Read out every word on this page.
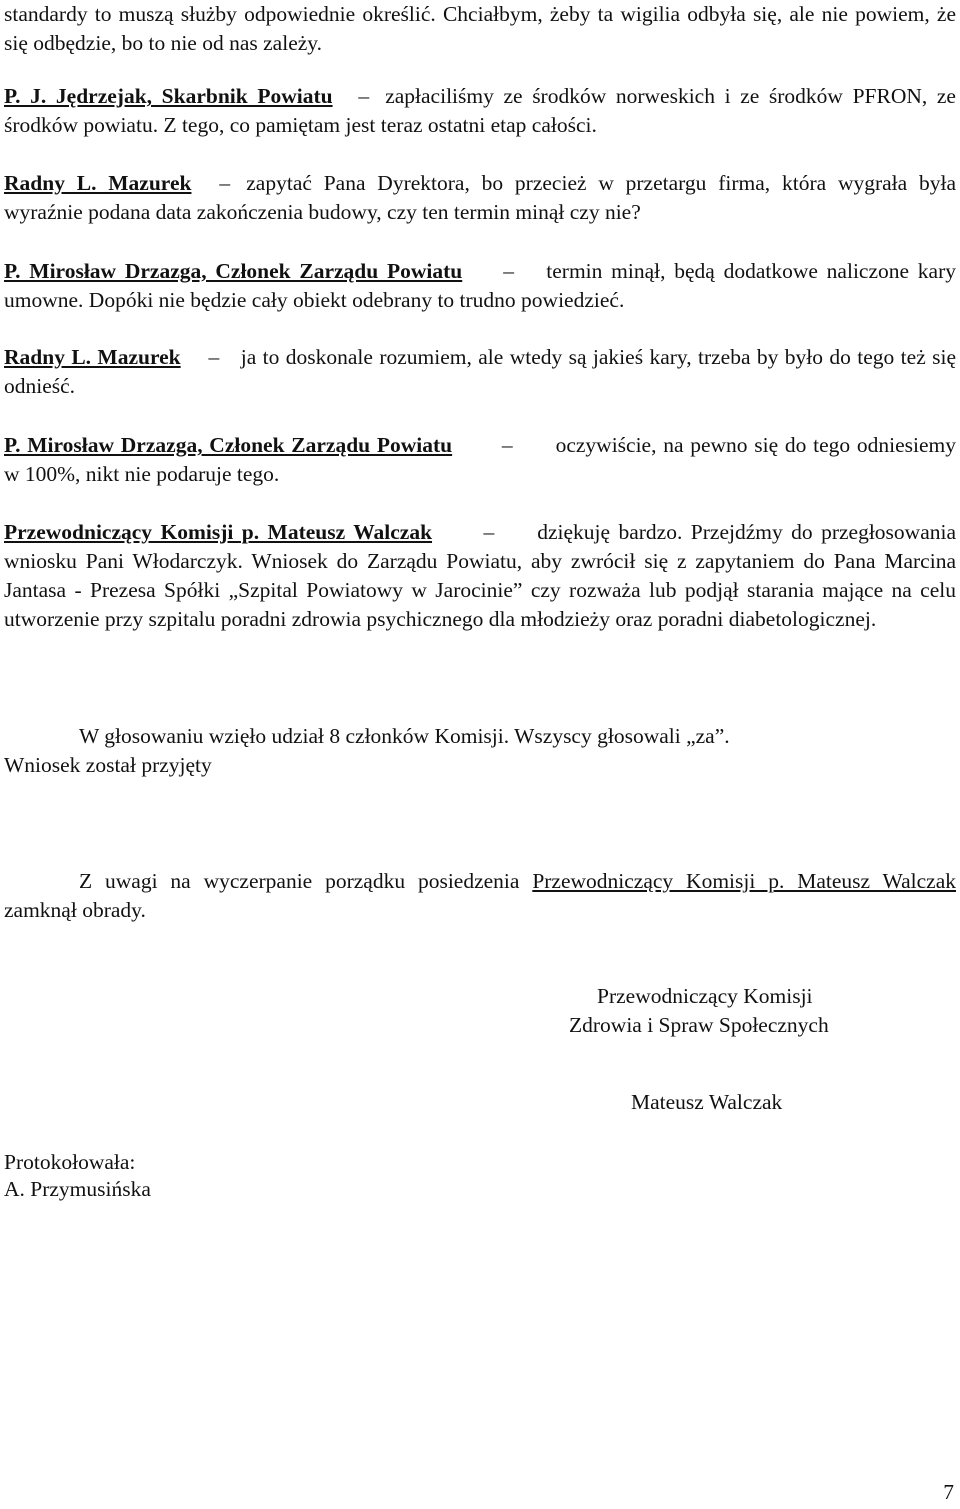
standardy to muszą służby odpowiednie określić. Chciałbym, żeby ta wigilia odbyła się, ale nie powiem, że się odbędzie, bo to nie od nas zależy.

P. J. Jędrzejak, Skarbnik Powiatu – zapłaciliśmy ze środków norweskich i ze środków PFRON, ze środków powiatu. Z tego, co pamiętam jest teraz ostatni etap całości.

Radny L. Mazurek – zapytać Pana Dyrektora, bo przecież w przetargu firma, która wygrała była wyraźnie podana data zakończenia budowy, czy ten termin minął czy nie?

P. Mirosław Drzazga, Członek Zarządu Powiatu – termin minął, będą dodatkowe naliczone kary umowne. Dopóki nie będzie cały obiekt odebrany to trudno powiedzieć.

Radny L. Mazurek – ja to doskonale rozumiem, ale wtedy są jakieś kary, trzeba by było do tego też się odnieść.

P. Mirosław Drzazga, Członek Zarządu Powiatu – oczywiście, na pewno się do tego odniesiemy w 100%, nikt nie podaruje tego.

Przewodniczący Komisji p. Mateusz Walczak – dziękuję bardzo. Przejdźmy do przegłosowania wniosku Pani Włodarczyk. Wniosek do Zarządu Powiatu, aby zwrócił się z zapytaniem do Pana Marcina Jantasa - Prezesa Spółki „Szpital Powiatowy w Jarocinie” czy rozważa lub podjął starania mające na celu utworzenie przy szpitalu poradni zdrowia psychicznego dla młodzieży oraz poradni diabetologicznej.

W głosowaniu wzięło udział 8 członków Komisji. Wszyscy głosowali „za”.
Wniosek został przyjęty

Z uwagi na wyczerpanie porządku posiedzenia Przewodniczący Komisji p. Mateusz Walczak zamknął obrady.

Przewodniczący Komisji
Zdrowia i Spraw Społecznych
Mateusz Walczak
Protokołowała:
A. Przymusińska
7
